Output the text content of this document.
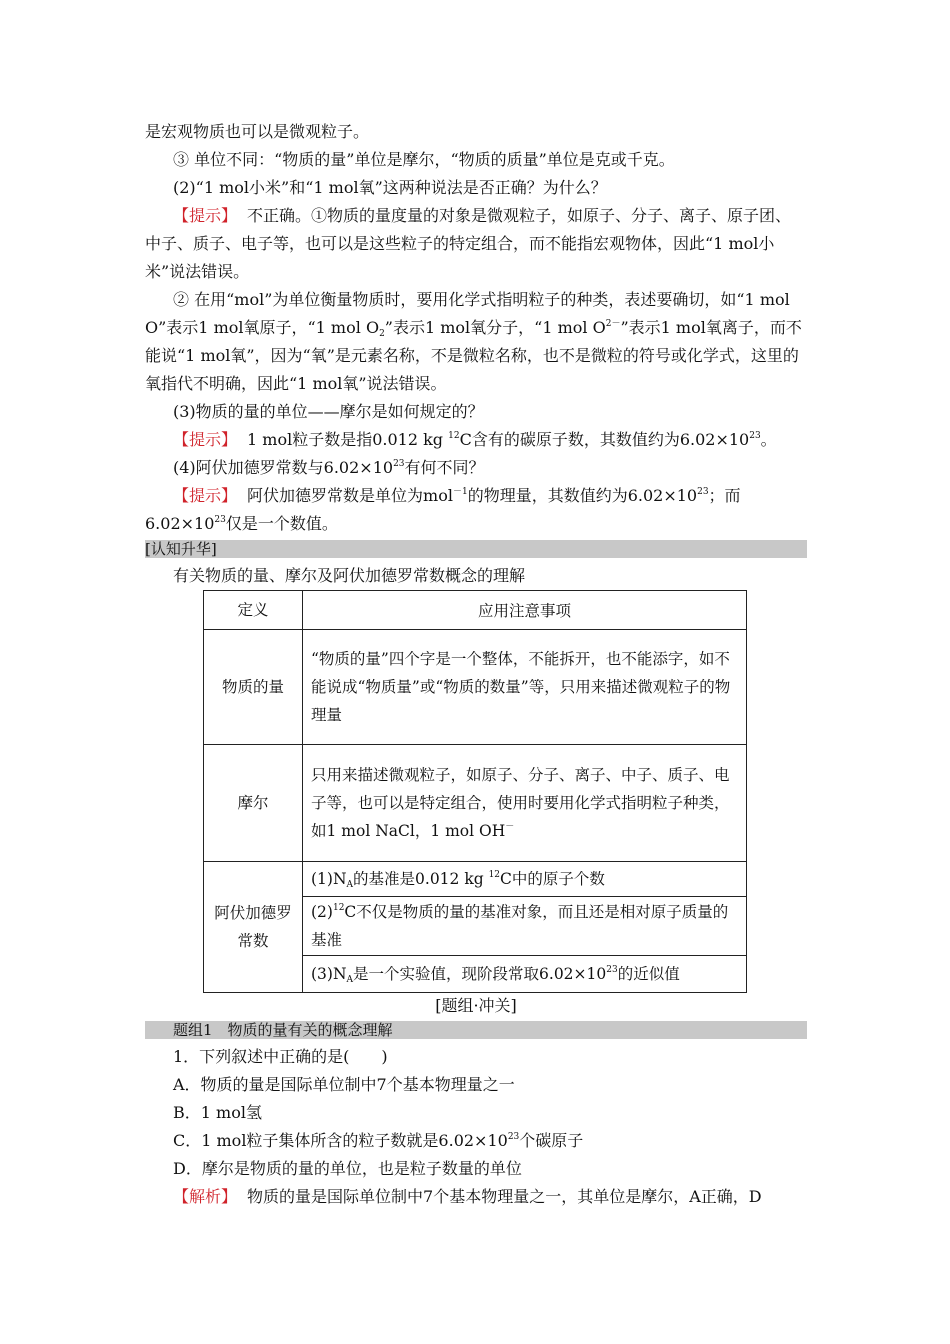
是宏观物质也可以是微观粒子。

③ 单位不同：“物质的量”单位是摩尔，“物质的质量”单位是克或千克。

(2)“1 mol小米”和“1 mol氧”这两种说法是否正确？为什么？

【提示】 不正确。①物质的量度量的对象是微观粒子，如原子、分子、离子、原子团、中子、质子、电子等，也可以是这些粒子的特定组合，而不能指宏观物体，因此“1 mol小米”说法错误。

② 在用“mol”为单位衡量物质时，要用化学式指明粒子的种类，表述要确切，如“1 mol O”表示1 mol氧原子，“1 mol $O_2$”表示1 mol氧分子，“1 mol $O^{2-}$”表示1 mol氧离子，而不能说“1 mol氧”，因为“氧”是元素名称，不是微粒名称，也不是微粒的符号或化学式，这里的氧指代不明确，因此“1 mol氧”说法错误。

(3)物质的量的单位——摩尔是如何规定的？

【提示】 1 mol粒子数是指0.012 kg $^{12}$C含有的碳原子数，其数值约为$6.02\times 10^{23}$。

(4)阿伏加德罗常数与$6.02\times 10^{23}$有何不同？

【提示】 阿伏加德罗常数是单位为mol$^{-1}$的物理量，其数值约为$6.02\times 10^{23}$；而$6.02\times 10^{23}$仅是一个数值。

[认知升华]

有关物质的量、摩尔及阿伏加德罗常数概念的理解

定义	应用注意事项
物质的量	“物质的量”四个字是一个整体，不能拆开，也不能添字，如不能说成“物质量”或“物质的数量”等，只用来描述微观粒子的物理量
摩尔	只用来描述微观粒子，如原子、分子、离子、中子、质子、电子等，也可以是特定组合，使用时要用化学式指明粒子种类，如1 mol NaCl，1 mol OH－
阿伏加德罗常数	$(1)N_A$的基准是0.012 kg $^{12}$C中的原子个数
	$(2)^{12}C$不仅是物质的量的基准对象，而且还是相对原子质量的基准
	$(3)N_A$是一个实验值，现阶段常取$6.02\times 10^{23}$的近似值

[题组·冲关]

题组1　物质的量有关的概念理解

1．下列叙述中正确的是(　　)

A．物质的量是国际单位制中7个基本物理量之一

B．1 mol氢

C．1 mol粒子集体所含的粒子数就是$6.02\times 10^{23}$个碳原子

D．摩尔是物质的量的单位，也是粒子数量的单位

【解析】 物质的量是国际单位制中7个基本物理量之一，其单位是摩尔，A正确，D
